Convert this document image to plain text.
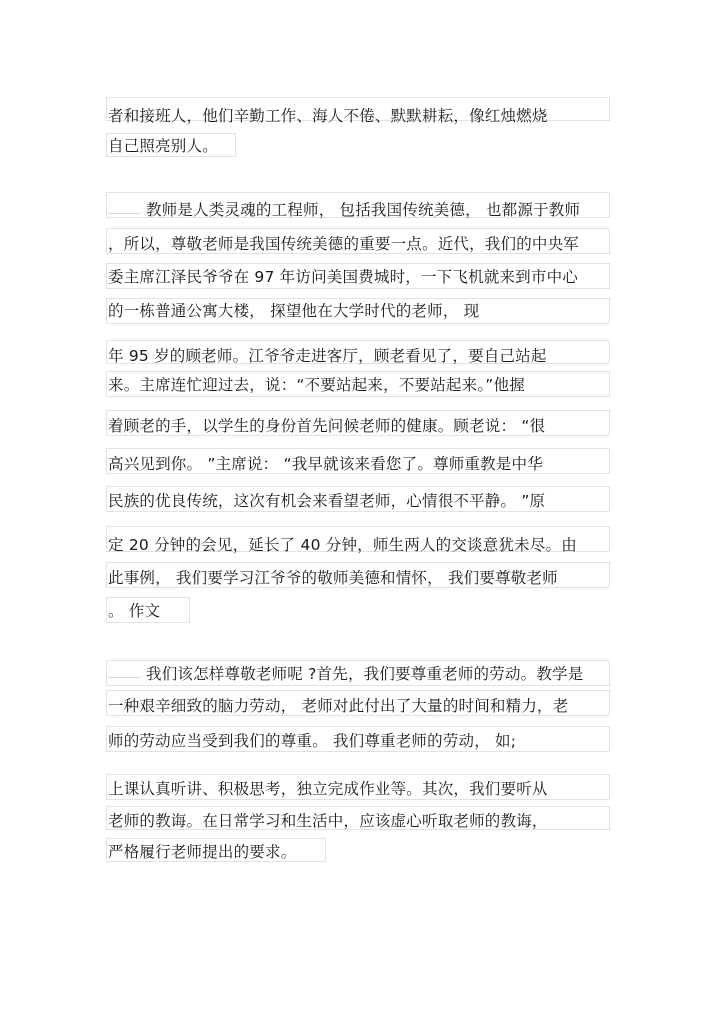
者和接班人，他们辛勤工作、海人不倦、默默耕耘，像红烛燃烧
自己照亮别人。
教师是人类灵魂的工程师， 包括我国传统美德， 也都源于教师
，所以，尊敬老师是我国传统美德的重要一点。近代，我们的中央军
委主席江泽民爷爷在 97 年访问美国费城时，一下飞机就来到市中心
的一栋普通公寓大楼， 探望他在大学时代的老师， 现
年 95 岁的顾老师。江爷爷走进客厅，顾老看见了，要自己站起
来。主席连忙迎过去，说：“不要站起来，不要站起来。”他握
着顾老的手，以学生的身份首先问候老师的健康。顾老说： “很
高兴见到你。 ”主席说： “我早就该来看您了。尊师重教是中华
民族的优良传统，这次有机会来看望老师，心情很不平静。 ”原
定 20 分钟的会见，延长了 40 分钟，师生两人的交谈意犹未尽。由
此事例， 我们要学习江爷爷的敬师美德和情怀， 我们要尊敬老师
。 作文
我们该怎样尊敬老师呢 ?首先，我们要尊重老师的劳动。教学是
一种艰辛细致的脑力劳动， 老师对此付出了大量的时间和精力，老
师的劳动应当受到我们的尊重。 我们尊重老师的劳动， 如;
上课认真听讲、积极思考，独立完成作业等。其次，我们要听从
老师的教诲。在日常学习和生活中，应该虚心听取老师的教诲，
严格履行老师提出的要求。
